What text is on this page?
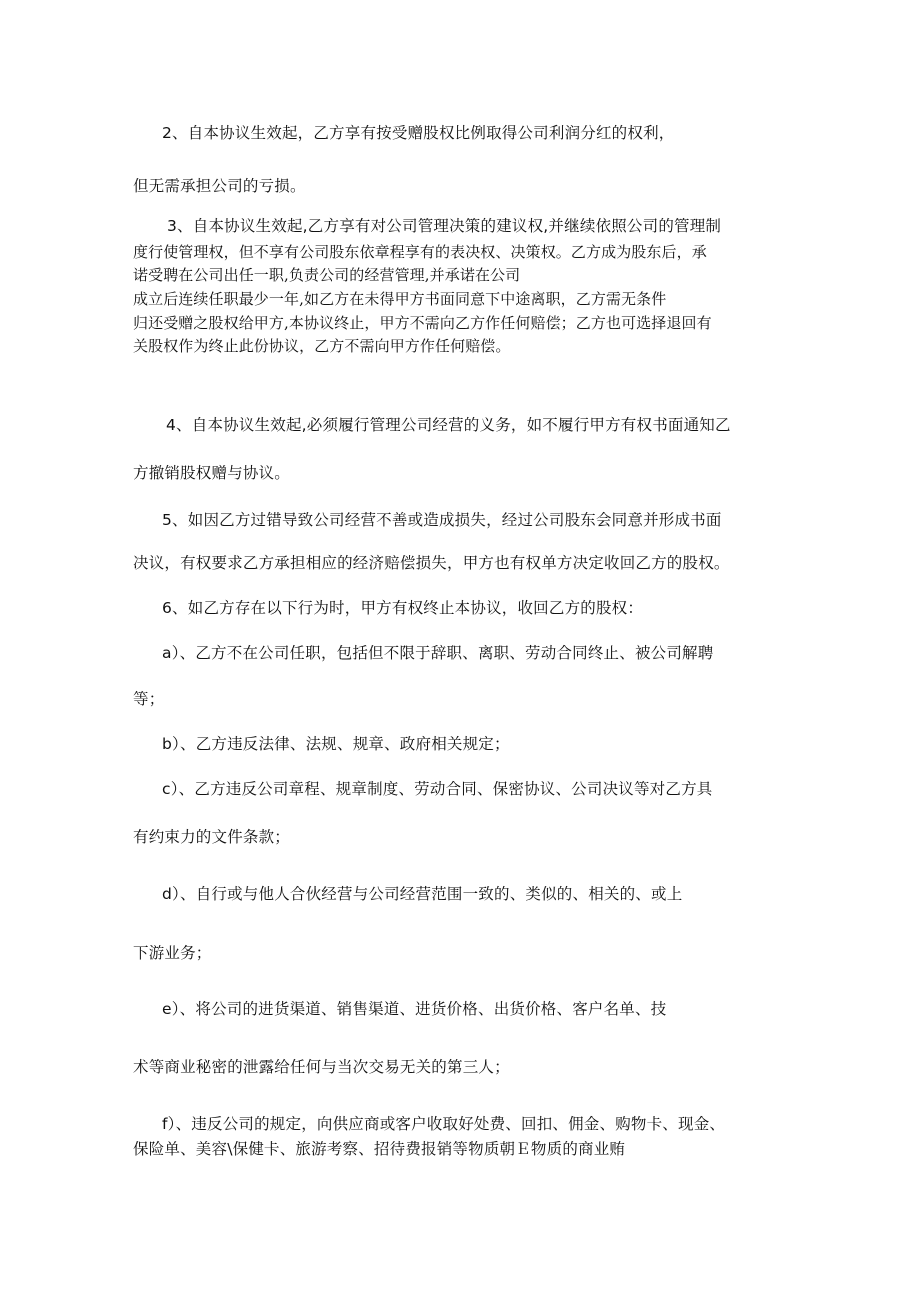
2、自本协议生效起，乙方享有按受赠股权比例取得公司利润分红的权利，
但无需承担公司的亏损。
3、自本协议生效起,乙方享有对公司管理决策的建议权,并继续依照公司的管理制
度行使管理权，但不享有公司股东依章程享有的表决权、决策权。乙方成为股东后，承
诺受聘在公司出任一职,负责公司的经营管理,并承诺在公司
成立后连续任职最少一年,如乙方在未得甲方书面同意下中途离职，乙方需无条件
归还受赠之股权给甲方,本协议终止，甲方不需向乙方作任何赔偿；乙方也可选择退回有
关股权作为终止此份协议，乙方不需向甲方作任何赔偿。
4、自本协议生效起,必须履行管理公司经营的义务，如不履行甲方有权书面通知乙
方撤销股权赠与协议。
5、如因乙方过错导致公司经营不善或造成损失，经过公司股东会同意并形成书面
决议，有权要求乙方承担相应的经济赔偿损失，甲方也有权单方决定收回乙方的股权。
6、如乙方存在以下行为时，甲方有权终止本协议，收回乙方的股权：
a）、乙方不在公司任职，包括但不限于辞职、离职、劳动合同终止、被公司解聘
等；
b）、乙方违反法律、法规、规章、政府相关规定；
c）、乙方违反公司章程、规章制度、劳动合同、保密协议、公司决议等对乙方具
有约束力的文件条款；
d）、自行或与他人合伙经营与公司经营范围一致的、类似的、相关的、或上
下游业务；
e）、将公司的进货渠道、销售渠道、进货价格、出货价格、客户名单、技
术等商业秘密的泄露给任何与当次交易无关的第三人；
f）、违反公司的规定，向供应商或客户收取好处费、回扣、佣金、购物卡、现金、
保险单、美容\保健卡、旅游考察、招待费报销等物质朝Ｅ物质的商业贿
